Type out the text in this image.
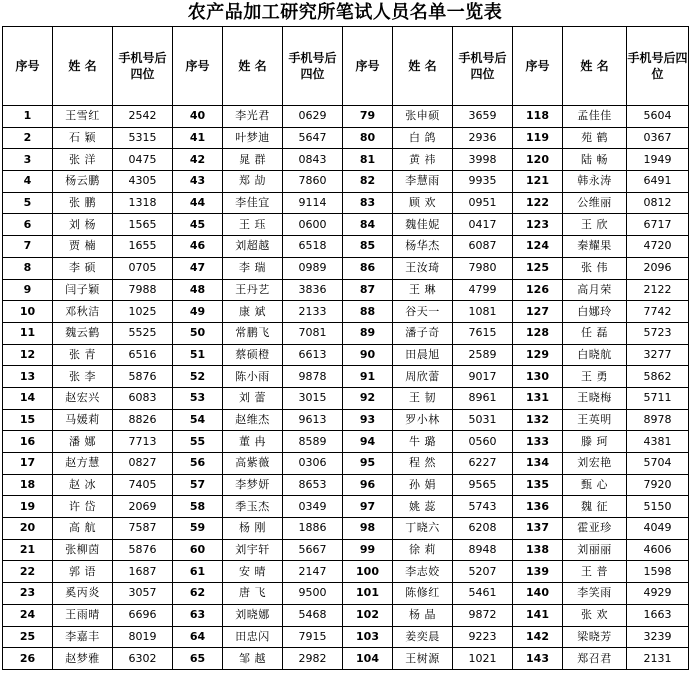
农产品加工研究所笔试人员名单一览表
序号	姓 名	手机号后四位	序号	姓 名	手机号后四位	序号	姓 名	手机号后四位	序号	姓 名	手机号后四位
1	王雪红	2542	40	李光君	0629	79	张申硕	3659	118	孟佳佳	5604
2	石 颖	5315	41	叶梦迪	5647	80	白 鸽	2936	119	苑 鹤	0367
3	张 洋	0475	42	晁 群	0843	81	黄 祎	3998	120	陆 畅	1949
4	杨云鹏	4305	43	郑 劼	7860	82	李慧雨	9935	121	韩永涛	6491
5	张 鹏	1318	44	李佳宜	9114	83	顾 欢	0951	122	公维丽	0812
6	刘 杨	1565	45	王 珏	0600	84	魏佳妮	0417	123	王 欣	6717
7	贾 楠	1655	46	刘超越	6518	85	杨华杰	6087	124	秦耀果	4720
8	李 硕	0705	47	李 瑞	0989	86	王汝琦	7980	125	张 伟	2096
9	闫子颖	7988	48	王丹艺	3836	87	王 琳	4799	126	高月荣	2122
10	邓秋洁	1025	49	康 斌	2133	88	谷天一	1081	127	白娜玲	7742
11	魏云鹤	5525	50	常鹏飞	7081	89	潘子奇	7615	128	任 磊	5723
12	张 青	6516	51	蔡硕橙	6613	90	田晨旭	2589	129	白晓航	3277
13	张 李	5876	52	陈小雨	9878	91	周欣蕾	9017	130	王 勇	5862
14	赵宏兴	6083	53	刘 蕾	3015	92	王 韧	8961	131	王晓梅	5711
15	马媛莉	8826	54	赵维杰	9613	93	罗小林	5031	132	王英明	8978
16	潘 娜	7713	55	董 冉	8589	94	牛 璐	0560	133	滕 珂	4381
17	赵方慧	0827	56	高紫薇	0306	95	程 然	6227	134	刘宏艳	5704
18	赵 冰	7405	57	李梦妍	8653	96	孙 娟	9565	135	甄 心	7920
19	许 岱	2069	58	季玉杰	0349	97	姚 蕊	5743	136	魏 征	5150
20	高 航	7587	59	杨 刚	1886	98	丁晓六	6208	137	霍亚珍	4049
21	张柳茵	5876	60	刘宇轩	5667	99	徐 莉	8948	138	刘丽丽	4606
22	郭 语	1687	61	安 晴	2147	100	李志姣	5207	139	王 普	1598
23	奚丙炎	3057	62	唐 飞	9500	101	陈修红	5461	140	李笑雨	4929
24	王雨晴	6696	63	刘晓娜	5468	102	杨 晶	9872	141	张 欢	1663
25	李嘉丰	8019	64	田忠闪	7915	103	姜奕晨	9223	142	梁晓芳	3239
26	赵梦雅	6302	65	邹 越	2982	104	王树源	1021	143	郑召君	2131
